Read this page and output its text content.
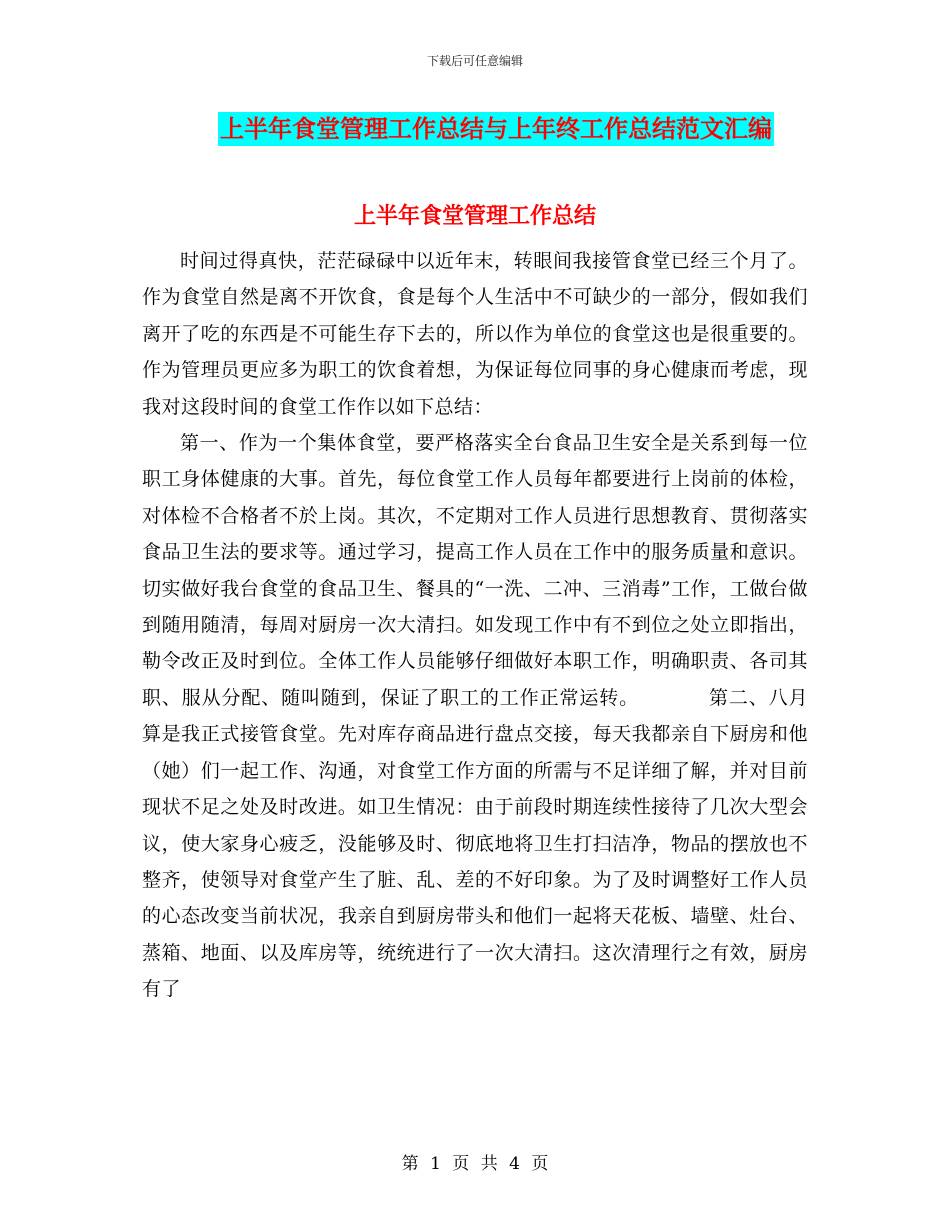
下载后可任意编辑
上半年食堂管理工作总结与上年终工作总结范文汇编
上半年食堂管理工作总结

时间过得真快，茫茫碌碌中以近年末，转眼间我接管食堂已经三个月了。作为食堂自然是离不开饮食，食是每个人生活中不可缺少的一部分，假如我们离开了吃的东西是不可能生存下去的，所以作为单位的食堂这也是很重要的。作为管理员更应多为职工的饮食着想，为保证每位同事的身心健康而考虑，现我对这段时间的食堂工作作以如下总结：

第一、作为一个集体食堂，要严格落实全台食品卫生安全是关系到每一位职工身体健康的大事。首先，每位食堂工作人员每年都要进行上岗前的体检，对体检不合格者不於上岗。其次，不定期对工作人员进行思想教育、贯彻落实食品卫生法的要求等。通过学习，提高工作人员在工作中的服务质量和意识。切实做好我台食堂的食品卫生、餐具的“一洗、二冲、三消毒”工作，工做台做到随用随清，每周对厨房一次大清扫。如发现工作中有不到位之处立即指出，勒令改正及时到位。全体工作人员能够仔细做好本职工作，明确职责、各司其职、服从分配、随叫随到，保证了职工的工作正常运转。　　　　第二、八月算是我正式接管食堂。先对库存商品进行盘点交接，每天我都亲自下厨房和他（她）们一起工作、沟通，对食堂工作方面的所需与不足详细了解，并对目前现状不足之处及时改进。如卫生情况：由于前段时期连续性接待了几次大型会议，使大家身心疲乏，没能够及时、彻底地将卫生打扫洁净，物品的摆放也不整齐，使领导对食堂产生了脏、乱、差的不好印象。为了及时调整好工作人员的心态改变当前状况，我亲自到厨房带头和他们一起将天花板、墙壁、灶台、蒸箱、地面、以及库房等，统统进行了一次大清扫。这次清理行之有效，厨房有了

第 1 页 共 4 页
